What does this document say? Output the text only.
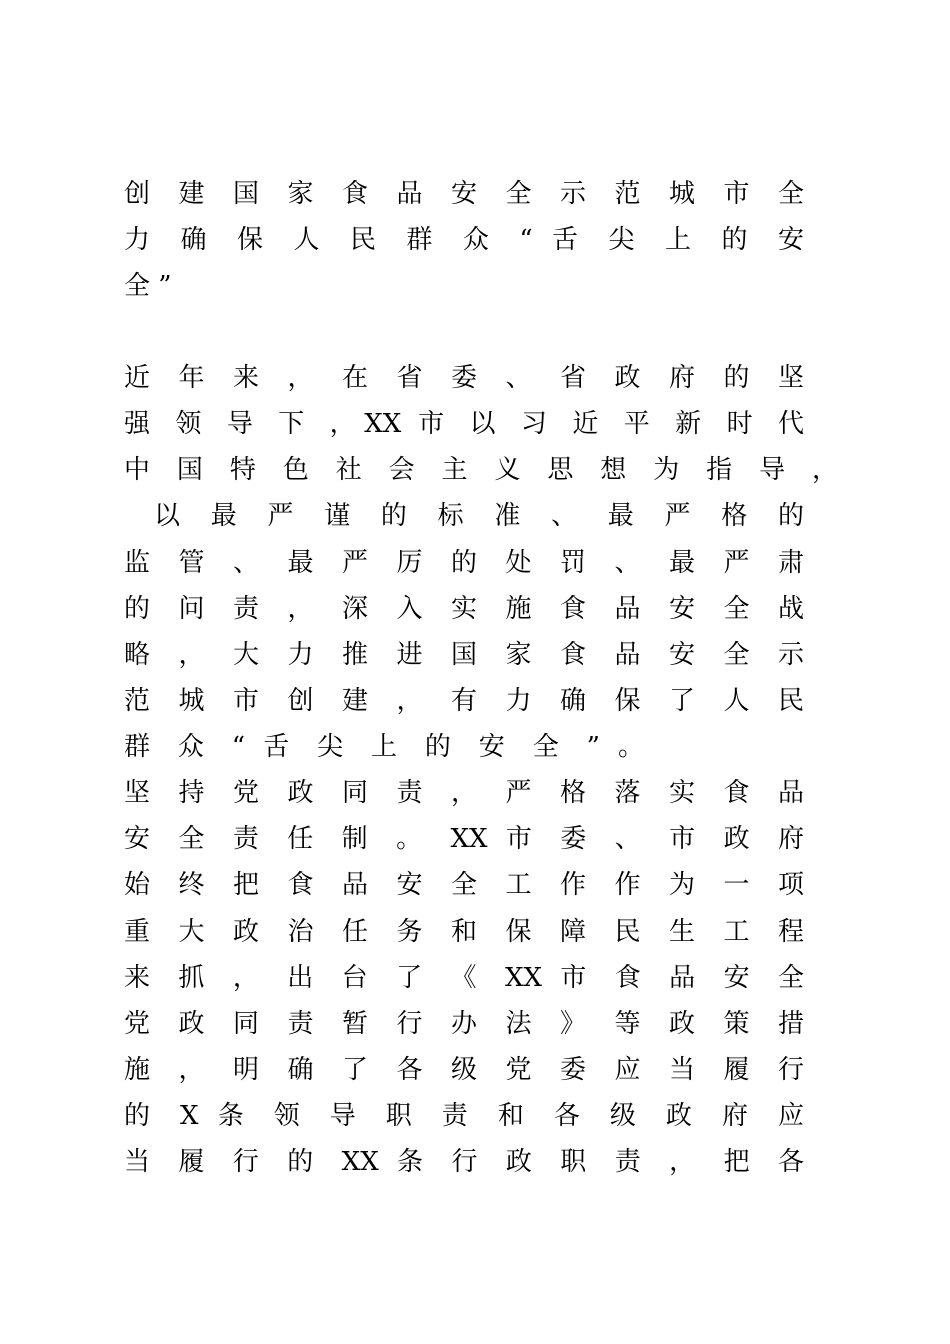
创 建 国 家 食 品 安 全 示 范 城 市 全
力 确 保 人 民 群 众 “ 舌 尖 上 的 安
全 ”
近 年 来 ， 在 省 委 、 省 政 府 的 坚
强 领 导 下 ，XX 市 以 习 近 平 新 时 代
中 国 特 色 社 会 主 义 思 想 为 指 导 ，
以 最 严 谨 的 标 准 、 最 严 格 的
监 管 、 最 严 厉 的 处 罚 、 最 严 肃
的 问 责 ， 深 入 实 施 食 品 安 全 战
略 ， 大 力 推 进 国 家 食 品 安 全 示
范 城 市 创 建 ， 有 力 确 保 了 人 民
群 众 “ 舌 尖 上 的 安 全 ” 。
坚 持 党 政 同 责 ， 严 格 落 实 食 品
安 全 责 任 制 。 XX 市 委 、 市 政 府
始 终 把 食 品 安 全 工 作 作 为 一 项
重 大 政 治 任 务 和 保 障 民 生 工 程
来 抓 ， 出 台 了 《 XX 市 食 品 安 全
党 政 同 责 暂 行 办 法 》 等 政 策 措
施 ， 明 确 了 各 级 党 委 应 当 履 行
的 X 条 领 导 职 责 和 各 级 政 府 应
当 履 行 的 XX 条 行 政 职 责 ， 把 各
